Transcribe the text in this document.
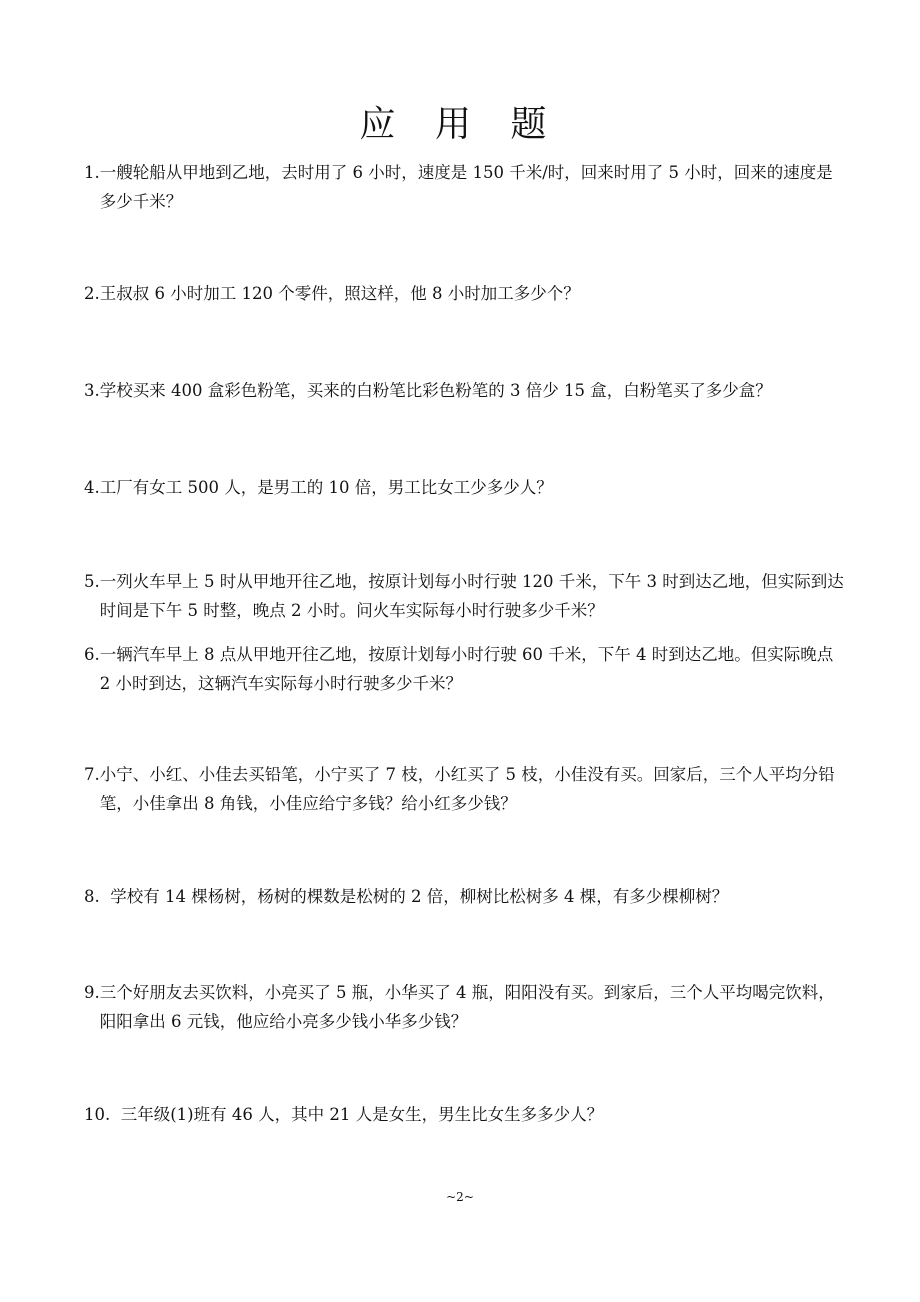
应 用 题
1. 一艘轮船从甲地到乙地，去时用了 6 小时，速度是 150 千米/时，回来时用了 5 小时，回来的速度是多少千米？
2. 王叔叔 6 小时加工 120 个零件，照这样，他 8 小时加工多少个？
3. 学校买来 400 盒彩色粉笔，买来的白粉笔比彩色粉笔的 3 倍少 15 盒，白粉笔买了多少盒？
4. 工厂有女工 500 人，是男工的 10 倍，男工比女工少多少人？
5. 一列火车早上 5 时从甲地开往乙地，按原计划每小时行驶 120 千米，下午 3 时到达乙地，但实际到达时间是下午 5 时整，晚点 2 小时。问火车实际每小时行驶多少千米？
6. 一辆汽车早上 8 点从甲地开往乙地，按原计划每小时行驶 60 千米，下午 4 时到达乙地。但实际晚点 2 小时到达，这辆汽车实际每小时行驶多少千米？
7. 小宁、小红、小佳去买铅笔，小宁买了 7 枝，小红买了 5 枝，小佳没有买。回家后，三个人平均分铅笔，小佳拿出 8 角钱，小佳应给宁多钱？给小红多少钱？
8. 学校有 14 棵杨树，杨树的棵数是松树的 2 倍，柳树比松树多 4 棵，有多少棵柳树？
9. 三个好朋友去买饮料，小亮买了 5 瓶，小华买了 4 瓶，阳阳没有买。到家后，三个人平均喝完饮料，阳阳拿出 6 元钱，他应给小亮多少钱小华多少钱？
10. 三年级(1)班有 46 人，其中 21 人是女生，男生比女生多多少人？
~2~
